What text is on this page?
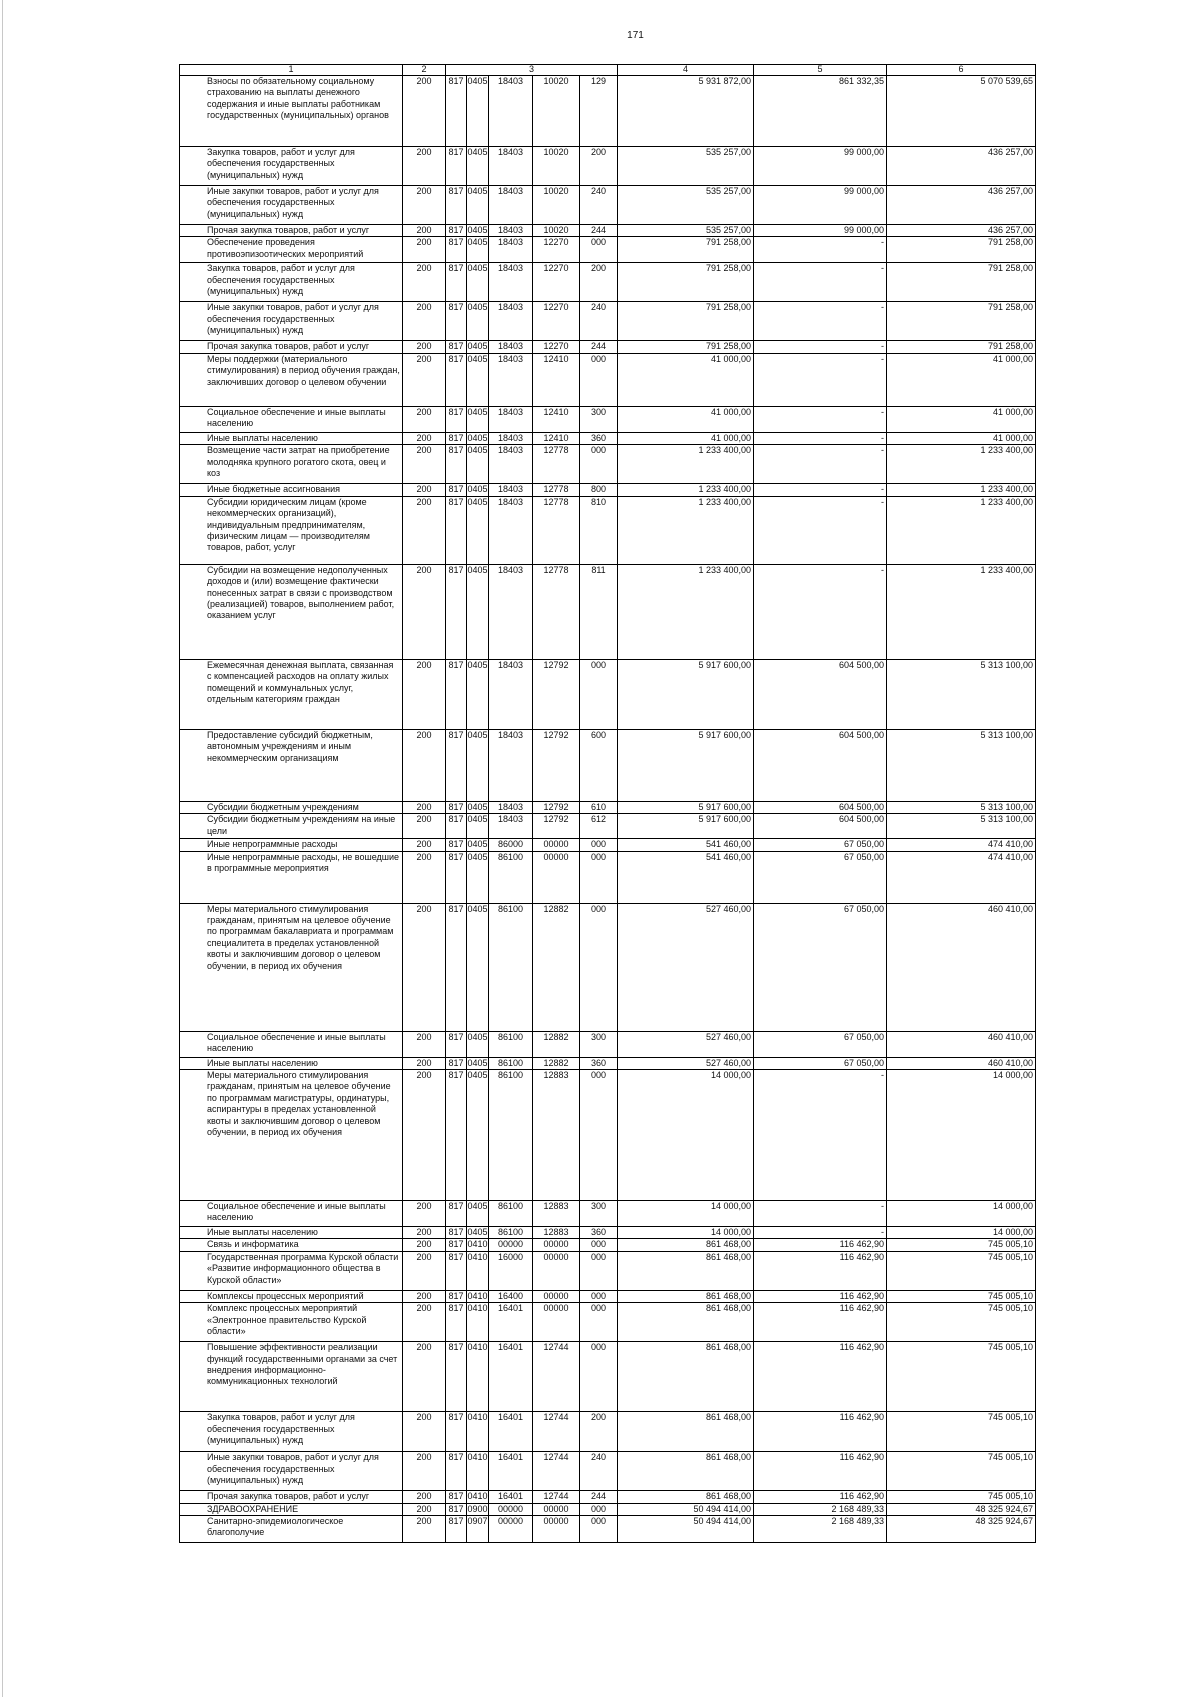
171
1	2	3					4	5	6
Взносы по обязательному социальному страхованию на выплаты денежного содержания и иные выплаты работникам государственных (муниципальных) органов	200	817	0405	18403	10020	129	5 931 872,00	861 332,35	5 070 539,65
Закупка товаров, работ и услуг для обеспечения государственных (муниципальных) нужд	200	817	0405	18403	10020	200	535 257,00	99 000,00	436 257,00
Иные закупки товаров, работ и услуг для обеспечения государственных (муниципальных) нужд	200	817	0405	18403	10020	240	535 257,00	99 000,00	436 257,00
Прочая закупка товаров, работ и услуг	200	817	0405	18403	10020	244	535 257,00	99 000,00	436 257,00
Обеспечение проведения противоэпизоотических мероприятий	200	817	0405	18403	12270	000	791 258,00	-	791 258,00
Закупка товаров, работ и услуг для обеспечения государственных (муниципальных) нужд	200	817	0405	18403	12270	200	791 258,00	-	791 258,00
Иные закупки товаров, работ и услуг для обеспечения государственных (муниципальных) нужд	200	817	0405	18403	12270	240	791 258,00	-	791 258,00
Прочая закупка товаров, работ и услуг	200	817	0405	18403	12270	244	791 258,00	-	791 258,00
Меры поддержки (материального стимулирования) в период обучения граждан, заключивших договор о целевом обучении	200	817	0405	18403	12410	000	41 000,00	-	41 000,00
Социальное обеспечение и иные выплаты населению	200	817	0405	18403	12410	300	41 000,00	-	41 000,00
Иные выплаты населению	200	817	0405	18403	12410	360	41 000,00	-	41 000,00
Возмещение части затрат на приобретение молодняка крупного рогатого скота, овец и коз	200	817	0405	18403	12778	000	1 233 400,00	-	1 233 400,00
Иные бюджетные ассигнования	200	817	0405	18403	12778	800	1 233 400,00	-	1 233 400,00
Субсидии юридическим лицам (кроме некоммерческих организаций), индивидуальным предпринимателям, физическим лицам — производителям товаров, работ, услуг	200	817	0405	18403	12778	810	1 233 400,00	-	1 233 400,00
Субсидии на возмещение недополученных доходов и (или) возмещение фактически понесенных затрат в связи с производством (реализацией) товаров, выполнением работ, оказанием услуг	200	817	0405	18403	12778	811	1 233 400,00	-	1 233 400,00
Ежемесячная денежная выплата, связанная с компенсацией расходов на оплату жилых помещений и коммунальных услуг, отдельным категориям граждан	200	817	0405	18403	12792	000	5 917 600,00	604 500,00	5 313 100,00
Предоставление субсидий бюджетным, автономным учреждениям и иным некоммерческим организациям	200	817	0405	18403	12792	600	5 917 600,00	604 500,00	5 313 100,00
Субсидии бюджетным учреждениям	200	817	0405	18403	12792	610	5 917 600,00	604 500,00	5 313 100,00
Субсидии бюджетным учреждениям на иные цели	200	817	0405	18403	12792	612	5 917 600,00	604 500,00	5 313 100,00
Иные непрограммные расходы	200	817	0405	86000	00000	000	541 460,00	67 050,00	474 410,00
Иные непрограммные расходы, не вошедшие в программные мероприятия	200	817	0405	86100	00000	000	541 460,00	67 050,00	474 410,00
Меры материального стимулирования гражданам, принятым на целевое обучение по программам бакалавриата и программам специалитета в пределах установленной квоты и заключившим договор о целевом обучении, в период их обучения	200	817	0405	86100	12882	000	527 460,00	67 050,00	460 410,00
Социальное обеспечение и иные выплаты населению	200	817	0405	86100	12882	300	527 460,00	67 050,00	460 410,00
Иные выплаты населению	200	817	0405	86100	12882	360	527 460,00	67 050,00	460 410,00
Меры материального стимулирования гражданам, принятым на целевое обучение по программам магистратуры, ординатуры, аспирантуры в пределах установленной квоты и заключившим договор о целевом обучении, в период их обучения	200	817	0405	86100	12883	000	14 000,00	-	14 000,00
Социальное обеспечение и иные выплаты населению	200	817	0405	86100	12883	300	14 000,00	-	14 000,00
Иные выплаты населению	200	817	0405	86100	12883	360	14 000,00	-	14 000,00
Связь и информатика	200	817	0410	00000	00000	000	861 468,00	116 462,90	745 005,10
Государственная программа Курской области «Развитие информационного общества в Курской области»	200	817	0410	16000	00000	000	861 468,00	116 462,90	745 005,10
Комплексы процессных мероприятий	200	817	0410	16400	00000	000	861 468,00	116 462,90	745 005,10
Комплекс процессных мероприятий «Электронное правительство Курской области»	200	817	0410	16401	00000	000	861 468,00	116 462,90	745 005,10
Повышение эффективности реализации функций государственными органами за счет внедрения информационно-коммуникационных технологий	200	817	0410	16401	12744	000	861 468,00	116 462,90	745 005,10
Закупка товаров, работ и услуг для обеспечения государственных (муниципальных) нужд	200	817	0410	16401	12744	200	861 468,00	116 462,90	745 005,10
Иные закупки товаров, работ и услуг для обеспечения государственных (муниципальных) нужд	200	817	0410	16401	12744	240	861 468,00	116 462,90	745 005,10
Прочая закупка товаров, работ и услуг	200	817	0410	16401	12744	244	861 468,00	116 462,90	745 005,10
ЗДРАВООХРАНЕНИЕ	200	817	0900	00000	00000	000	50 494 414,00	2 168 489,33	48 325 924,67
Санитарно-эпидемиологическое благополучие	200	817	0907	00000	00000	000	50 494 414,00	2 168 489,33	48 325 924,67
